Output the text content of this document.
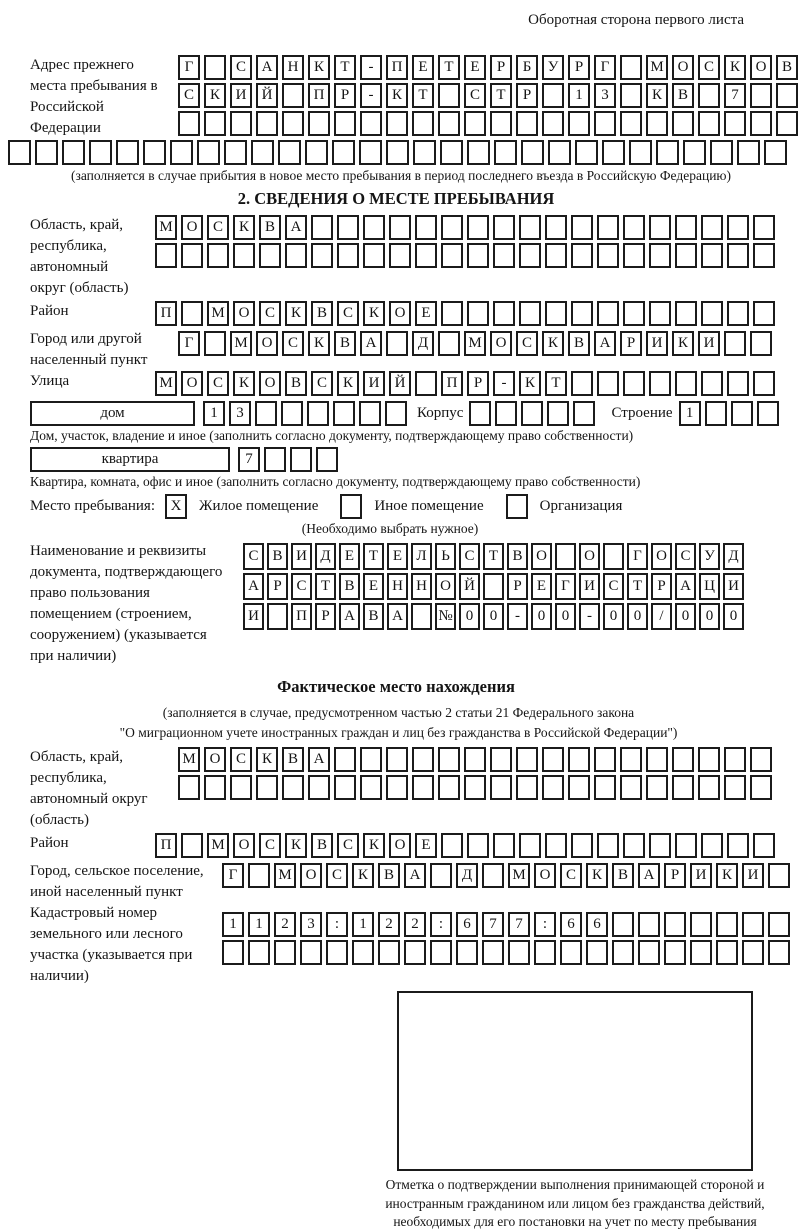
Оборотная сторона первого листа
Адрес прежнего места пребывания в Российской Федерации
Г	С	А	Н	К	Т	-	П	Е	Т	Е	Р	Б	У	Р	Г	М О	С	К	О	В
С	К	И	Й	П	Р	-	К	Т	С	Т	Р	1	3	К	В	7
(заполняется в случае прибытия в новое место пребывания в период последнего въезда в Российскую Федерацию)
2. СВЕДЕНИЯ О МЕСТЕ ПРЕБЫВАНИЯ
Область, край, республика, автономный округ (область)
М О	С	К	В	А
Район	П	М О	С	К	В	С	К	О	Е
Город или другой населенный пункт
Г	М О	С	К	В	А	Д	М О	С	К	В	А	Р	И	К	И
Улица	М О	С	К	О	В	С	К	И	Й	П	Р	-	К	Т
дом	1	3	Корпус	Строение 1
Дом, участок, владение и иное (заполнить согласно документу, подтверждающему право собственности)
квартира	7
Квартира, комната, офис и иное (заполнить согласно документу, подтверждающему право собственности)
Место пребывания:	X	Жилое помещение	Иное помещение	Организация
(Необходимо выбрать нужное)
Наименование и реквизиты документа, подтверждающего право пользования помещением (строением, сооружением) (указывается при наличии)
С В И Д Е Т Е Л Ь С Т В О	О	Г О С У Д
А Р С Т В Е Н Н О Й	Р	Е	Г И С Т	Р А Ц И
И	П Р А В А	№ 0	0	-	0	0	-	0	0	/	0	0	0
Фактическое место нахождения
(заполняется в случае, предусмотренном частью 2 статьи 21 Федерального закона
"О миграционном учете иностранных граждан и лиц без гражданства в Российской Федерации")
Область, край, республика, автономный округ (область)
М О	С	К	В	А
Район	П	М О	С	К	В	С	К	О	Е
Город, сельское поселение, иной населенный пункт
Г	М О	С	К	В	А	Д	М О	С	К	В	А	Р	И	К	И
Кадастровый номер земельного или лесного участка (указывается при наличии)
1	1	2	3	:	1	2	2	:	6	7	7	:	6	6
Отметка о подтверждении выполнения принимающей стороной и иностранным гражданином или лицом без гражданства действий, необходимых для его постановки на учет по месту пребывания
